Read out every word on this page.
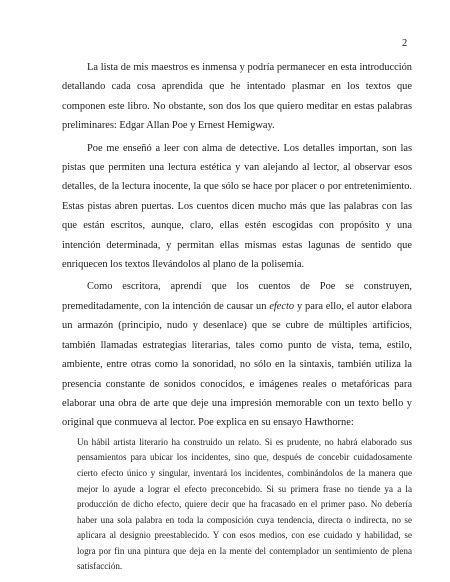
2

La lista de mis maestros es inmensa y podría permanecer en esta introducción detallando cada cosa aprendida que he intentado plasmar en los textos que componen este libro. No obstante, son dos los que quiero meditar en estas palabras preliminares: Edgar Allan Poe y Ernest Hemigway.

Poe me enseñó a leer con alma de detective. Los detalles importan, son las pistas que permiten una lectura estética y van alejando al lector, al observar esos detalles, de la lectura inocente, la que sólo se hace por placer o por entretenimiento. Estas pistas abren puertas. Los cuentos dicen mucho más que las palabras con las que están escritos, aunque, claro, ellas estén escogidas con propósito y una intención determinada, y permitan ellas mismas estas lagunas de sentido que enriquecen los textos llevándolos al plano de la polisemia.

Como escritora, aprendí que los cuentos de Poe se construyen, premeditadamente, con la intención de causar un efecto y para ello, el autor elabora un armazón (principio, nudo y desenlace) que se cubre de múltiples artificios, también llamadas estrategias literarias, tales como punto de vista, tema, estilo, ambiente, entre otras como la sonoridad, no sólo en la sintaxis, también utiliza la presencia constante de sonidos conocidos, e imágenes reales o metafóricas para elaborar una obra de arte que deje una impresión memorable con un texto bello y original que conmueva al lector. Poe explica en su ensayo Hawthorne:

Un hábil artista literario ha construido un relato. Si es prudente, no habrá elaborado sus pensamientos para ubicar los incidentes, sino que, después de concebir cuidadosamente cierto efecto único y singular, inventará los incidentes, combinándolos de la manera que mejor lo ayude a lograr el efecto preconcebido. Si su primera frase no tiende ya a la producción de dicho efecto, quiere decir que ha fracasado en el primer paso. No debería haber una sola palabra en toda la composición cuya tendencia, directa o indirecta, no se aplicara al designio preestablecido. Y con esos medios, con ese cuidado y habilidad, se logra por fin una pintura que deja en la mente del contemplador un sentimiento de plena satisfacción.
